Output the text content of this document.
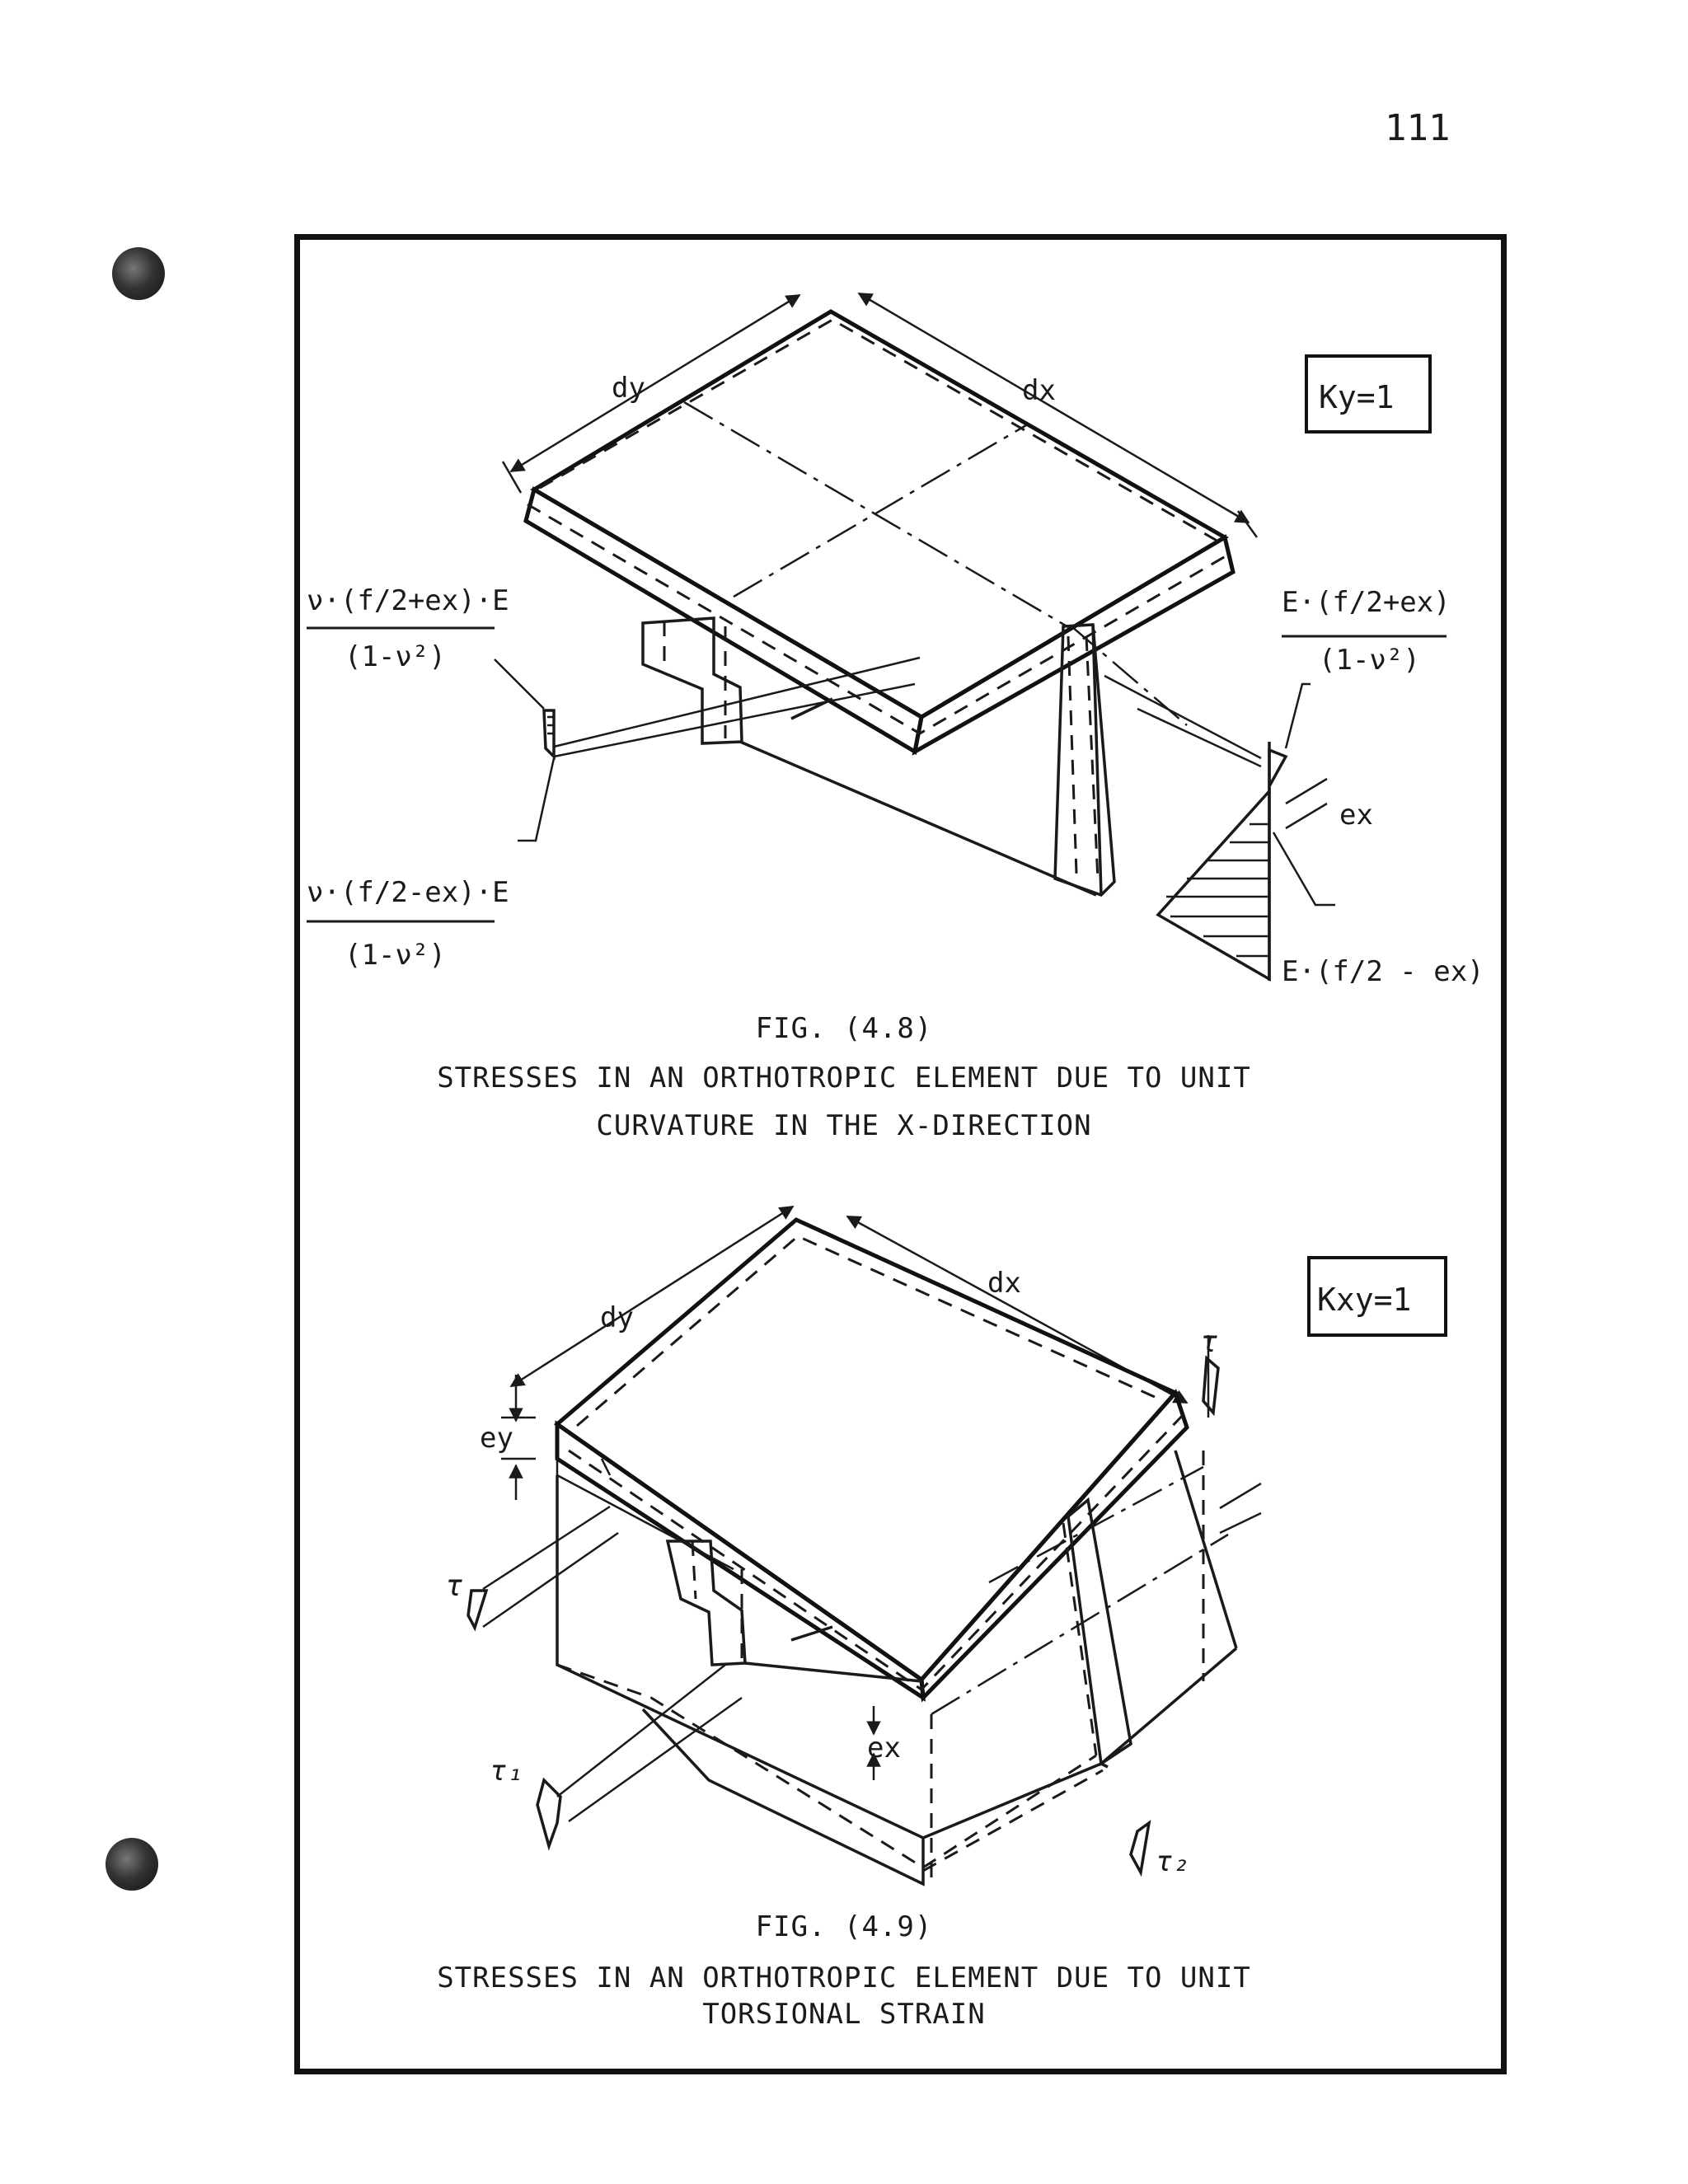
111
dy	dx	Ky=1
ν·(f/2+ex)·E
(1-ν²)
ν·(f/2-ex)·E
(1-ν²)
E·(f/2+ex)
(1-ν²)
ex
E·(f/2 - ex)
dy
dx	Kxy=1
ey
ex
τ
τ
τ₁
τ₂
FIG. (4.8)
STRESSES IN AN ORTHOTROPIC ELEMENT DUE TO UNIT
CURVATURE IN THE X-DIRECTION
FIG. (4.9)
STRESSES IN AN ORTHOTROPIC ELEMENT DUE TO UNIT
TORSIONAL STRAIN
